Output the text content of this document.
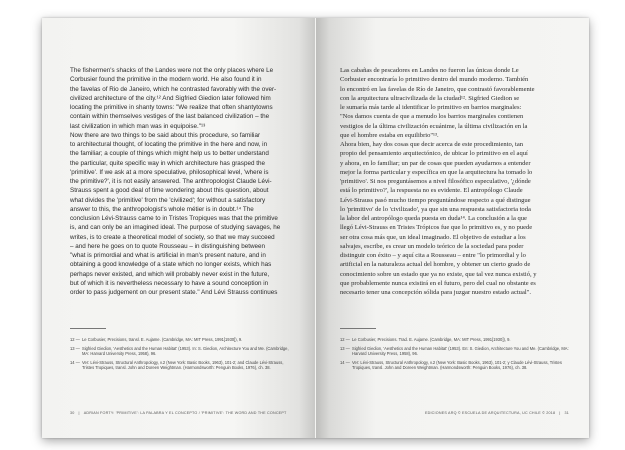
The fishermen's shacks of the Landes were not the only places where Le
Corbusier found the primitive in the modern world. He also found it in
the favelas of Rio de Janeiro, which he contrasted favorably with the over-
civilized architecture of the city.¹² And Sigfried Giedion later followed him
locating the primitive in shanty towns: "We realize that often shantytowns
contain within themselves vestiges of the last balanced civilization – the
last civilization in which man was in equipoise."¹³
Now there are two things to be said about this procedure, so familiar
to architectural thought, of locating the primitive in the here and now, in
the familiar; a couple of things which might help us to better understand
the particular, quite specific way in which architecture has grasped the
'primitive'. If we ask at a more speculative, philosophical level, 'where is
the primitive?', it is not easily answered. The anthropologist Claude Lévi-
Strauss spent a good deal of time wondering about this question, about
what divides the 'primitive' from the 'civilized'; for without a satisfactory
answer to this, the anthropologist's whole métier is in doubt.¹⁴ The
conclusion Lévi-Strauss came to in Tristes Tropiques was that the primitive
is, and can only be an imagined ideal. The purpose of studying savages, he
writes, is to create a theoretical model of society, so that we may succeed
– and here he goes on to quote Rousseau – in distinguishing between
"what is primordial and what is artificial in man's present nature, and in
obtaining a good knowledge of a state which no longer exists, which has
perhaps never existed, and which will probably never exist in the future,
but of which it is nevertheless necessary to have a sound conception in
order to pass judgement on our present state." And Lévi Strauss continues
12 — Le Corbusier, Precisions, transl. E. Aujame. (Cambridge, MA: MIT Press, 1991[1930]), 9.
13 — Sigfried Giedion, 'Aesthetics and the Human Habitat' (1953). In: S. Giedion, Architecture You and Me. (Cambridge, MA: Harvard University Press, 1958), 96.
14 — Ver: Lévi-Strauss, Structural Anthropology, v.2 (New York: Basic Books, 1963), 101-2; and Claude Lévi-Strauss, Tristes Tropiques, transl. John and Doreen Weightman. (Harmondsworth: Penguin Books, 1976), ch. 38.
30 | ADRIAN FORTY: 'PRIMITIVE': LA PALABRA Y EL CONCEPTO / 'PRIMITIVE': THE WORD AND THE CONCEPT
Las cabañas de pescadores en Landes no fueron las únicas donde Le
Corbusier encontraría lo primitivo dentro del mundo moderno. También
lo encontró en las favelas de Río de Janeiro, que contrastó favorablemente
con la arquitectura ultracivilizada de la ciudad¹². Sigfried Giedion se
le sumaría más tarde al identificar lo primitivo en barrios marginales:
"Nos damos cuenta de que a menudo los barrios marginales contienen
vestigios de la última civilización ecuánime, la última civilización en la
que el hombre estaba en equilibrio"¹³.
Ahora bien, hay dos cosas que decir acerca de este procedimiento, tan
propio del pensamiento arquitectónico, de ubicar lo primitivo en el aquí
y ahora, en lo familiar; un par de cosas que pueden ayudarnos a entender
mejor la forma particular y específica en que la arquitectura ha tomado lo
'primitivo'. Si nos preguntásemos a nivel filosófico especulativo, '¿dónde
está lo primitivo?', la respuesta no es evidente. El antropólogo Claude
Lévi-Strauss pasó mucho tiempo preguntándose respecto a qué distingue
lo 'primitivo' de lo 'civilizado', ya que sin una respuesta satisfactoria toda
la labor del antropólogo queda puesta en duda¹⁴. La conclusión a la que
llegó Lévi-Strauss en Tristes Trópicos fue que lo primitivo es, y no puede
ser otra cosa más que, un ideal imaginado. El objetivo de estudiar a los
salvajes, escribe, es crear un modelo teórico de la sociedad para poder
distinguir con éxito – y aquí cita a Rousseau – entre "lo primordial y lo
artificial en la naturaleza actual del hombre, y obtener un cierto grado de
conocimiento sobre un estado que ya no existe, que tal vez nunca existió, y
que probablemente nunca existirá en el futuro, pero del cual no obstante es
necesario tener una concepción sólida para juzgar nuestro estado actual".
12 — Le Corbusier, Precisions. Trad. E. Aujame. (Cambridge, MA: MIT Press, 1991[1930]), 9.
13 — Sigfried Giedion, 'Aesthetics and the Human Habitat' (1953). En: S. Giedion, Architecture You and Me. (Cambridge, MA: Harvard University Press, 1958), 96.
14 — Ver: Lévi-Strauss, Structural Anthropology, v.2 (New York: Basic Books, 1963), 101-2; y Claude Lévi-Strauss, Tristes Tropiques, transl. John and Doreen Weightman. (Harmondsworth: Penguin Books, 1976), ch. 38.
EDICIONES ARQ © ESCUELA DE ARQUITECTURA, UC CHILE © 2018 | 31
